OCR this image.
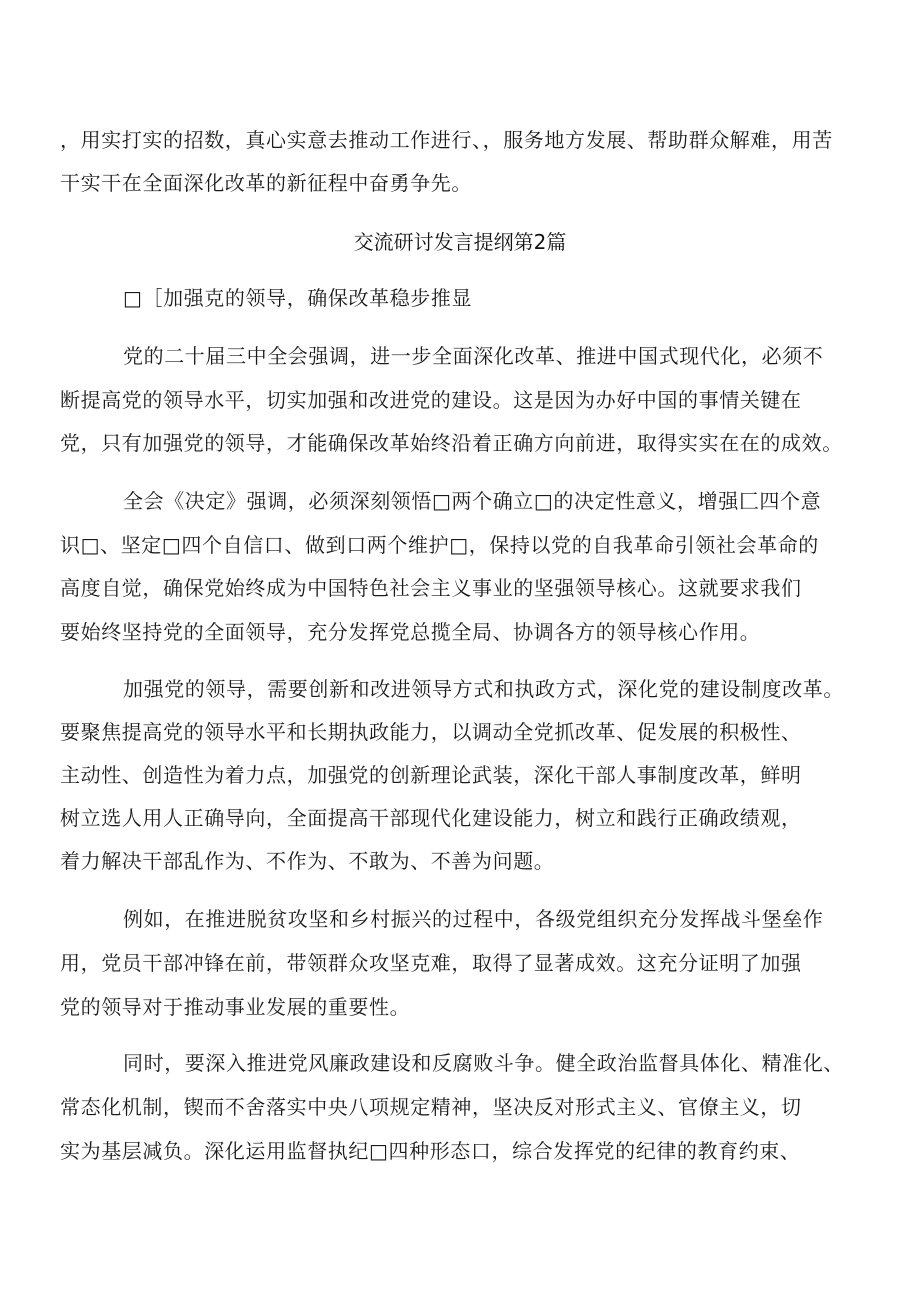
，用实打实的招数，真心实意去推动工作进行、，服务地方发展、帮助群众解难，用苦
干实干在全面深化改革的新征程中奋勇争先。
交流研讨发言提纲第2篇
□［加强克的领导，确保改革稳步推显
党的二十届三中全会强调，进一步全面深化改革、推进中国式现代化，必须不
断提高党的领导水平，切实加强和改进党的建设。这是因为办好中国的事情关键在
党，只有加强党的领导，才能确保改革始终沿着正确方向前进，取得实实在在的成效。
全会《决定》强调，必须深刻领悟□两个确立□的决定性意义，增强匚四个意
识□、坚定□四个自信口、做到口两个维护□，保持以党的自我革命引领社会革命的
高度自觉，确保党始终成为中国特色社会主义事业的坚强领导核心。这就要求我们
要始终坚持党的全面领导，充分发挥党总揽全局、协调各方的领导核心作用。
加强党的领导，需要创新和改进领导方式和执政方式，深化党的建设制度改革。
要聚焦提高党的领导水平和长期执政能力，以调动全党抓改革、促发展的积极性、
主动性、创造性为着力点，加强党的创新理论武装，深化干部人事制度改革，鲜明
树立选人用人正确导向，全面提高干部现代化建设能力，树立和践行正确政绩观，
着力解决干部乱作为、不作为、不敢为、不善为问题。
例如，在推进脱贫攻坚和乡村振兴的过程中，各级党组织充分发挥战斗堡垒作
用，党员干部冲锋在前，带领群众攻坚克难，取得了显著成效。这充分证明了加强
党的领导对于推动事业发展的重要性。
同时，要深入推进党风廉政建设和反腐败斗争。健全政治监督具体化、精准化、
常态化机制，锲而不舍落实中央八项规定精神，坚决反对形式主义、官僚主义，切
实为基层减负。深化运用监督执纪□四种形态口，综合发挥党的纪律的教育约束、
